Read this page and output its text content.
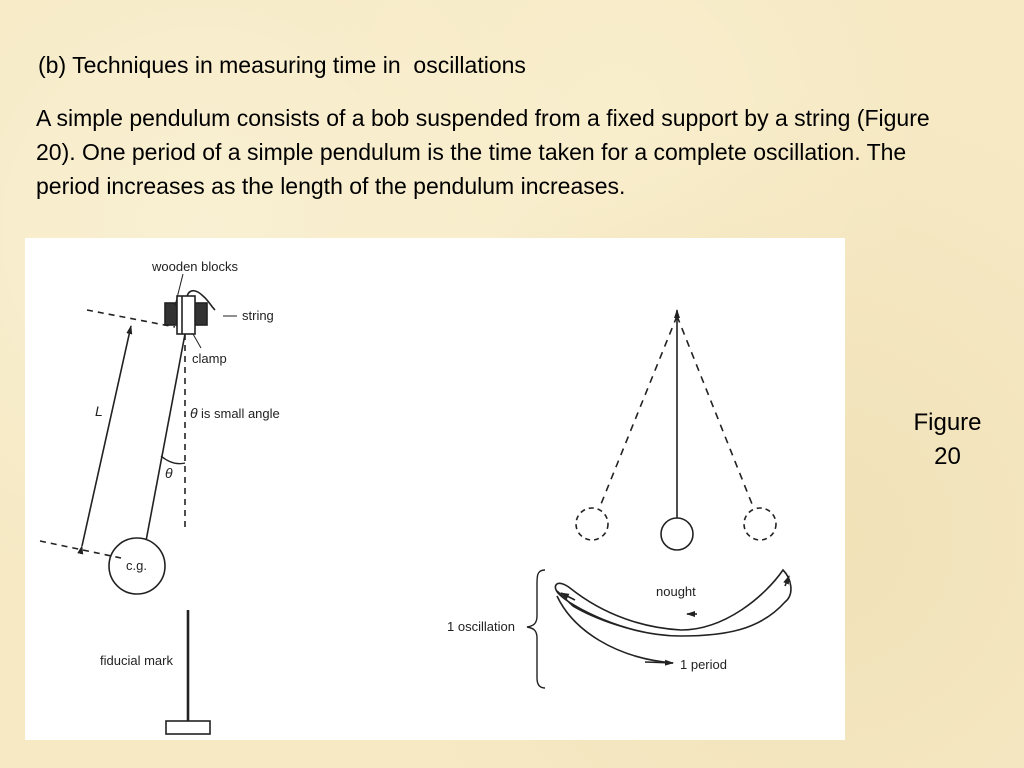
(b) Techniques in measuring time in  oscillations

A simple pendulum consists of a bob suspended from a fixed support by a string (Figure 20). One period of a simple pendulum is the time taken for a complete oscillation. The period increases as the length of the pendulum increases.

wooden blocks
string
clamp
θ is small angle
θ
L
c.g.
fiducial mark
nought
1 oscillation
1 period
Figure
20
